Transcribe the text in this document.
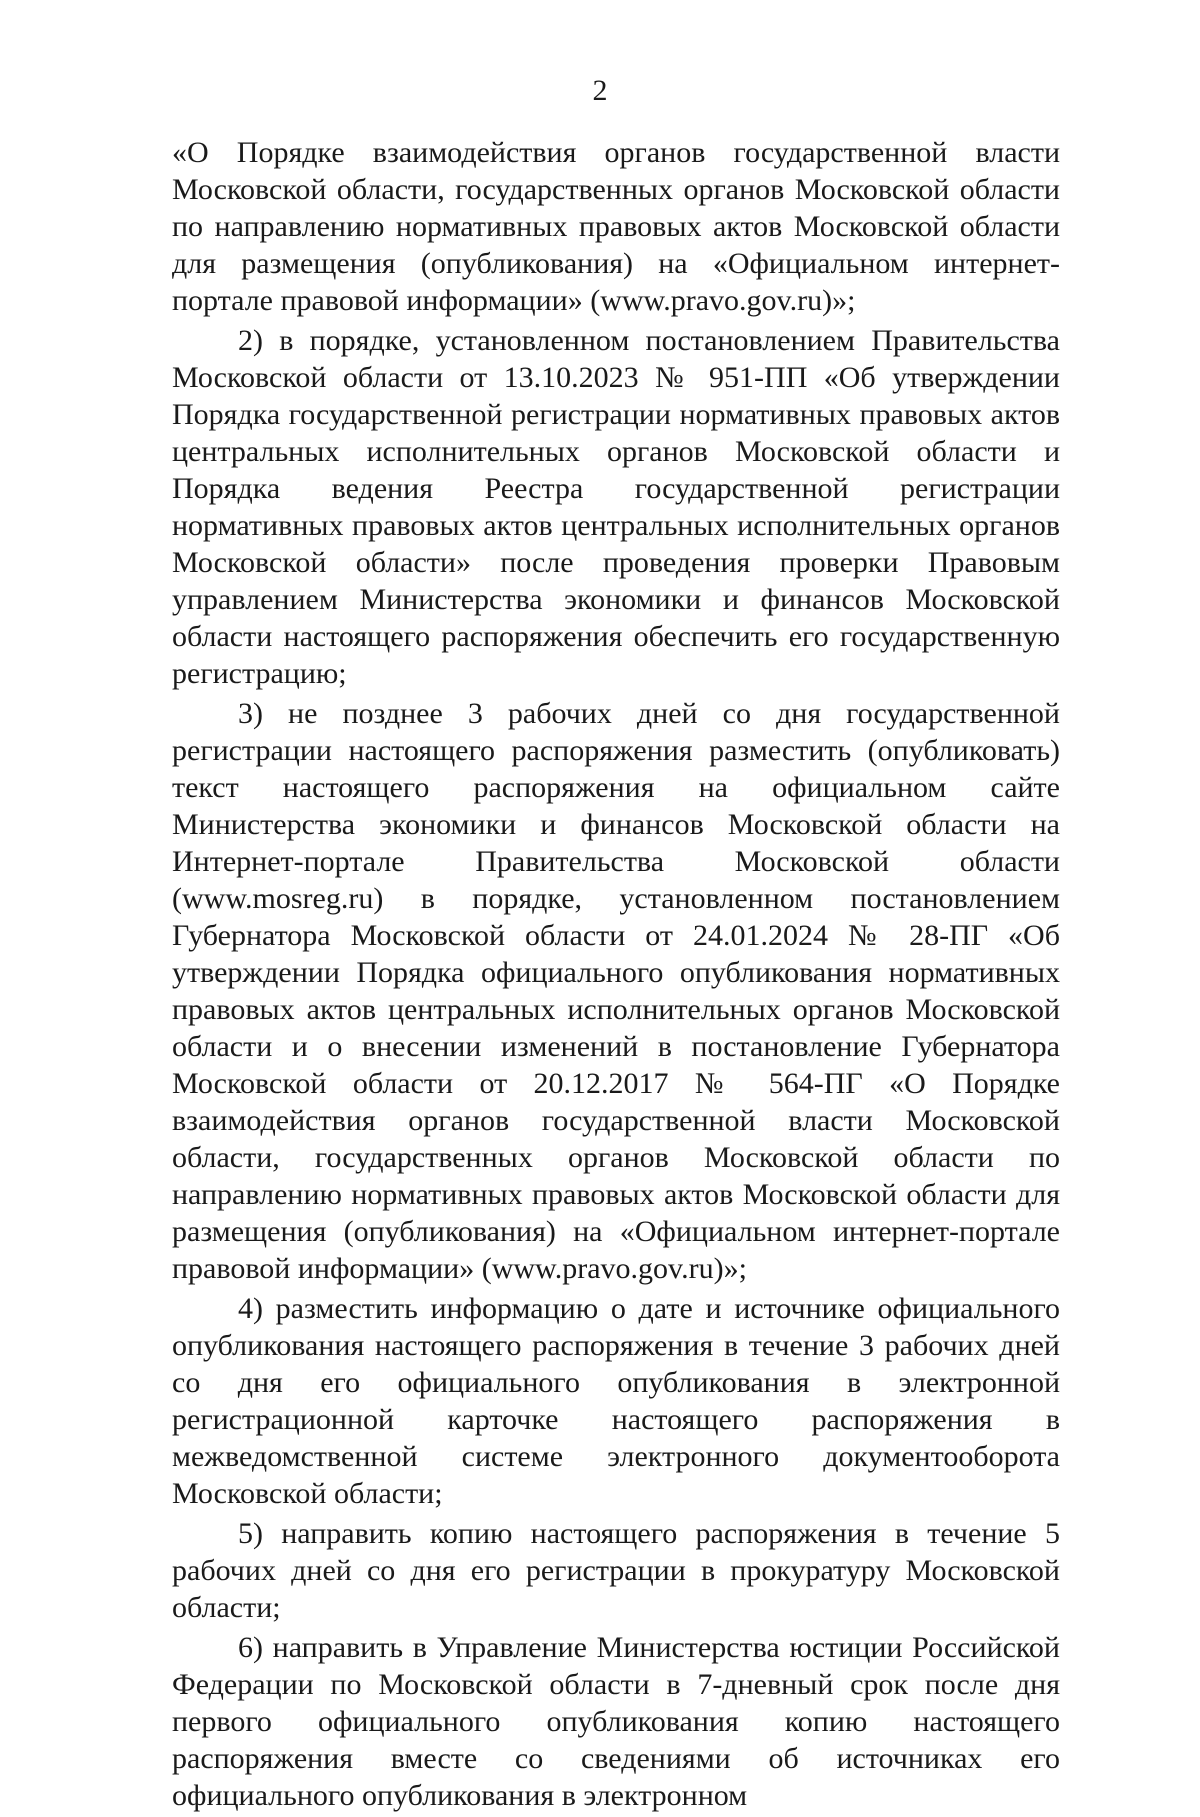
2

«О Порядке взаимодействия органов государственной власти Московской области, государственных органов Московской области по направлению нормативных правовых актов Московской области для размещения (опубликования) на «Официальном интернет-портале правовой информации» (www.pravo.gov.ru)»;

2) в порядке, установленном постановлением Правительства Московской области от 13.10.2023 № 951-ПП «Об утверждении Порядка государственной регистрации нормативных правовых актов центральных исполнительных органов Московской области и Порядка ведения Реестра государственной регистрации нормативных правовых актов центральных исполнительных органов Московской области» после проведения проверки Правовым управлением Министерства экономики и финансов Московской области настоящего распоряжения обеспечить его государственную регистрацию;

3) не позднее 3 рабочих дней со дня государственной регистрации настоящего распоряжения разместить (опубликовать) текст настоящего распоряжения на официальном сайте Министерства экономики и финансов Московской области на Интернет-портале Правительства Московской области (www.mosreg.ru) в порядке, установленном постановлением Губернатора Московской области от 24.01.2024 № 28-ПГ «Об утверждении Порядка официального опубликования нормативных правовых актов центральных исполнительных органов Московской области и о внесении изменений в постановление Губернатора Московской области от 20.12.2017 № 564-ПГ «О Порядке взаимодействия органов государственной власти Московской области, государственных органов Московской области по направлению нормативных правовых актов Московской области для размещения (опубликования) на «Официальном интернет-портале правовой информации» (www.pravo.gov.ru)»;

4) разместить информацию о дате и источнике официального опубликования настоящего распоряжения в течение 3 рабочих дней со дня его официального опубликования в электронной регистрационной карточке настоящего распоряжения в межведомственной системе электронного документооборота Московской области;

5) направить копию настоящего распоряжения в течение 5 рабочих дней со дня его регистрации в прокуратуру Московской области;

6) направить в Управление Министерства юстиции Российской Федерации по Московской области в 7-дневный срок после дня первого официального опубликования копию настоящего распоряжения вместе со сведениями об источниках его официального опубликования в электронном
